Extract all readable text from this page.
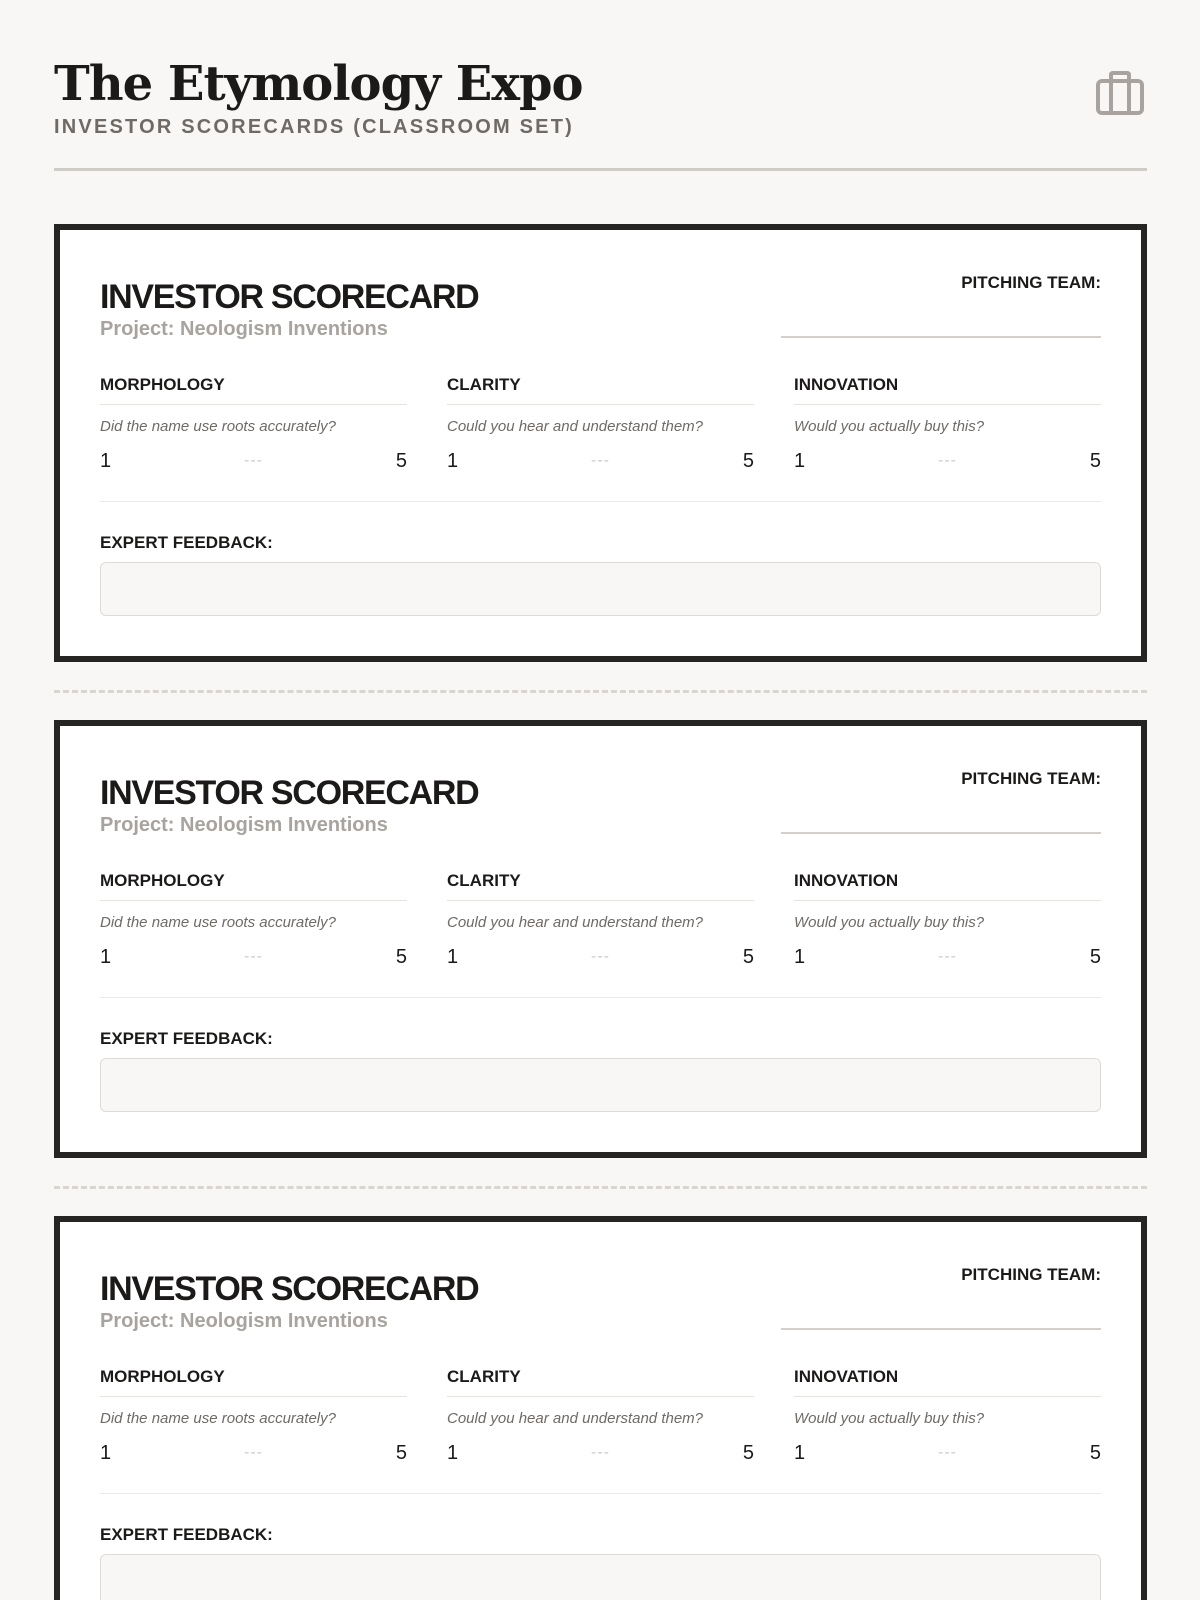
The Etymology Expo
INVESTOR SCORECARDS (CLASSROOM SET)
INVESTOR SCORECARD
Project: Neologism Inventions
PITCHING TEAM:
MORPHOLOGY
Did the name use roots accurately?
1	---	5
CLARITY
Could you hear and understand them?
1	---	5
INNOVATION
Would you actually buy this?
1	---	5
EXPERT FEEDBACK:
INVESTOR SCORECARD
Project: Neologism Inventions
PITCHING TEAM:
MORPHOLOGY
Did the name use roots accurately?
1	---	5
CLARITY
Could you hear and understand them?
1	---	5
INNOVATION
Would you actually buy this?
1	---	5
EXPERT FEEDBACK:
INVESTOR SCORECARD
Project: Neologism Inventions
PITCHING TEAM:
MORPHOLOGY
Did the name use roots accurately?
1	---	5
CLARITY
Could you hear and understand them?
1	---	5
INNOVATION
Would you actually buy this?
1	---	5
EXPERT FEEDBACK:
